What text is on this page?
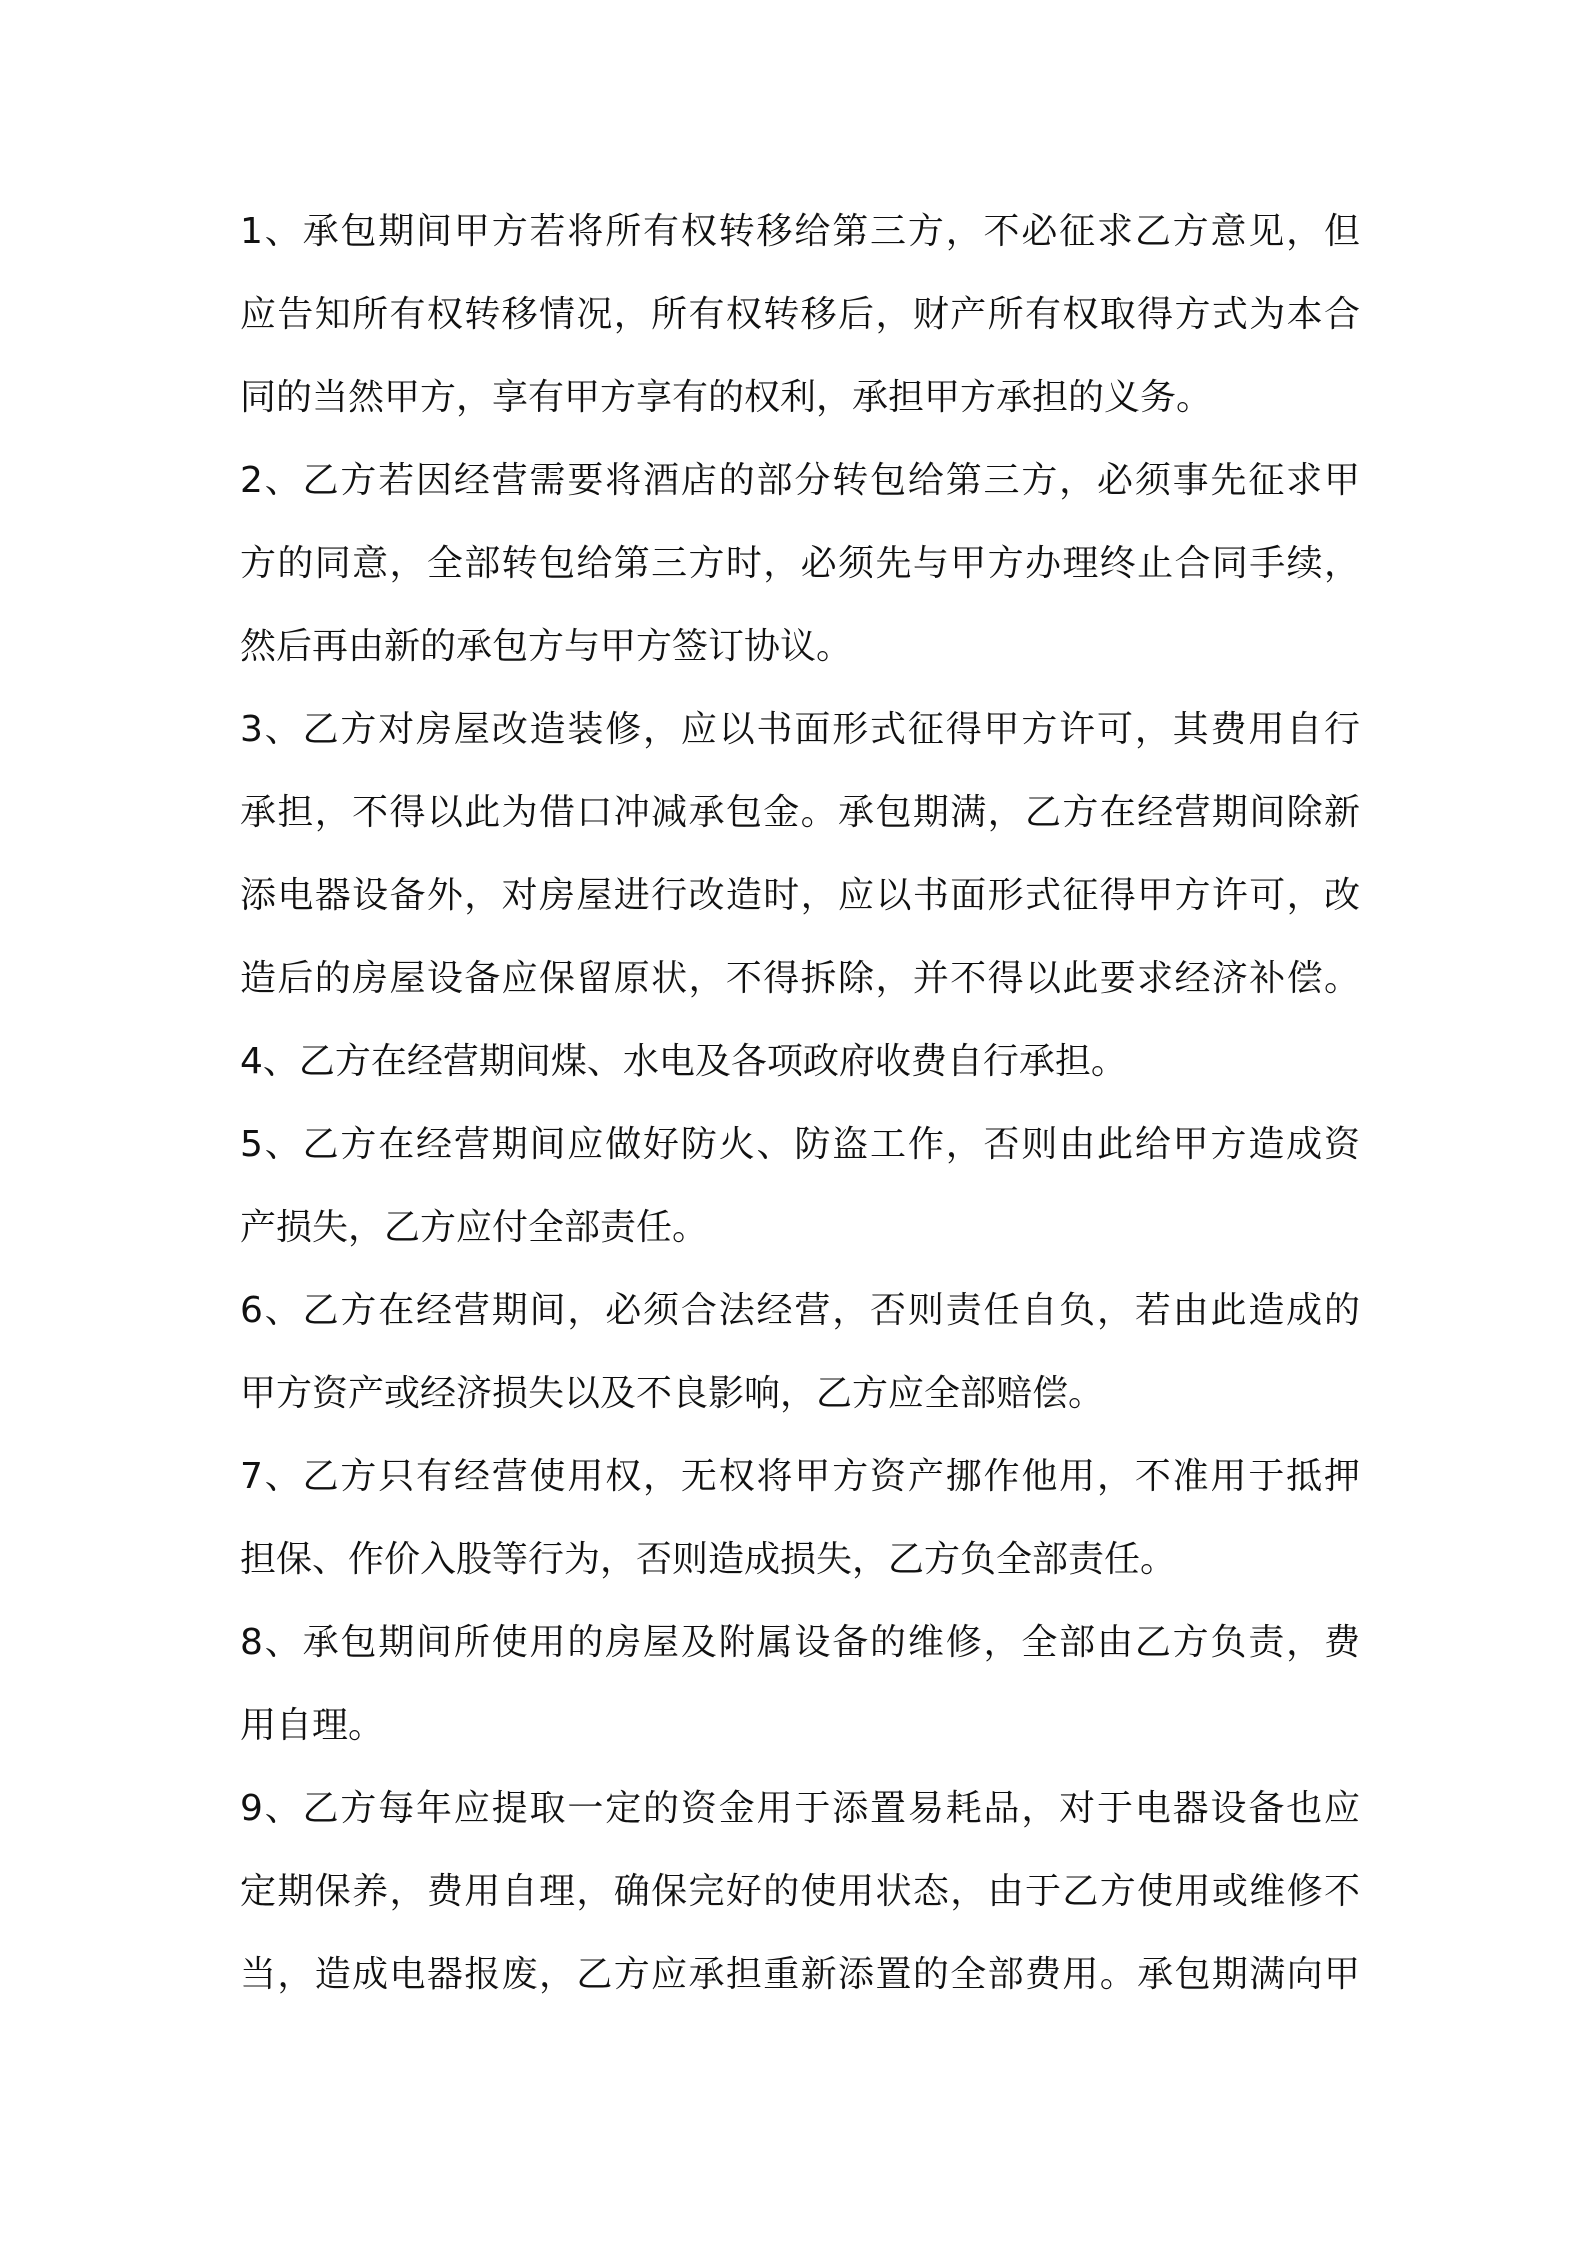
1、承包期间甲方若将所有权转移给第三方，不必征求乙方意见，但
应告知所有权转移情况，所有权转移后，财产所有权取得方式为本合
同的当然甲方，享有甲方享有的权利，承担甲方承担的义务。
2、乙方若因经营需要将酒店的部分转包给第三方，必须事先征求甲
方的同意，全部转包给第三方时，必须先与甲方办理终止合同手续，
然后再由新的承包方与甲方签订协议。
3、乙方对房屋改造装修，应以书面形式征得甲方许可，其费用自行
承担，不得以此为借口冲减承包金。承包期满，乙方在经营期间除新
添电器设备外，对房屋进行改造时，应以书面形式征得甲方许可，改
造后的房屋设备应保留原状，不得拆除，并不得以此要求经济补偿。
4、乙方在经营期间煤、水电及各项政府收费自行承担。
5、乙方在经营期间应做好防火、防盗工作，否则由此给甲方造成资
产损失，乙方应付全部责任。
6、乙方在经营期间，必须合法经营，否则责任自负，若由此造成的
甲方资产或经济损失以及不良影响，乙方应全部赔偿。
7、乙方只有经营使用权，无权将甲方资产挪作他用，不准用于抵押
担保、作价入股等行为，否则造成损失，乙方负全部责任。
8、承包期间所使用的房屋及附属设备的维修，全部由乙方负责，费
用自理。
9、乙方每年应提取一定的资金用于添置易耗品，对于电器设备也应
定期保养，费用自理，确保完好的使用状态，由于乙方使用或维修不
当，造成电器报废，乙方应承担重新添置的全部费用。承包期满向甲
